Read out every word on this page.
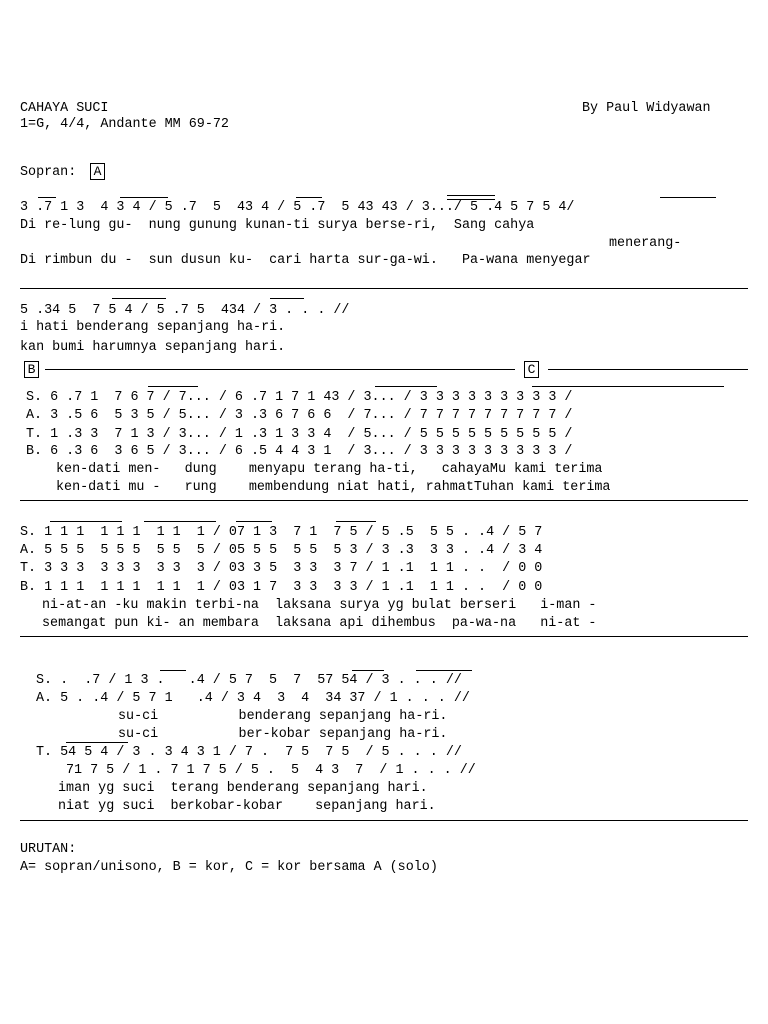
CAHAYA SUCI
1=G, 4/4, Andante MM 69-72
By Paul Widyawan
Sopran: A
3 .7 1 3  4 3 4 / 5 .7  5  43 4 / 5 .7  5 43 43 / 3.../ 5 .4 5 7 5 4/
Di re-lung gu-  nung gunung kunan-ti surya berse-ri,  Sang cahya
menerang-
Di rimbun du -  sun dusun ku-  cari harta sur-ga-wi.   Pa-wana menyegar
5 .34 5  7 5 4 / 5 .7 5  434 / 3 . . . //
i hati benderang sepanjang ha-ri.
kan bumi harumnya sepanjang hari.
B	C
S. 6 .7 1  7 6 7 / 7... / 6 .7 1 7 1 43 / 3... / 3 3 3 3 3 3 3 3 3 /
A. 3 .5 6  5 3 5 / 5... / 3 .3 6 7 6 6  / 7... / 7 7 7 7 7 7 7 7 7 /
T. 1 .3 3  7 1 3 / 3... / 1 .3 1 3 3 4  / 5... / 5 5 5 5 5 5 5 5 5 /
B. 6 .3 6  3 6 5 / 3... / 6 .5 4 4 3 1  / 3... / 3 3 3 3 3 3 3 3 3 /
ken-dati men-   dung    menyapu terang ha-ti,   cahayaMu kami terima
ken-dati mu -   rung    membendung niat hati, rahmatTuhan kami terima
S. 1 1 1  1 1 1  1 1  1 / 07 1 3  7 1  7 5 / 5 .5  5 5 . .4 / 5 7
A. 5 5 5  5 5 5  5 5  5 / 05 5 5  5 5  5 3 / 3 .3  3 3 . .4 / 3 4
T. 3 3 3  3 3 3  3 3  3 / 03 3 5  3 3  3 7 / 1 .1  1 1 . .  / 0 0
B. 1 1 1  1 1 1  1 1  1 / 03 1 7  3 3  3 3 / 1 .1  1 1 . .  / 0 0
ni-at-an -ku makin terbi-na  laksana surya yg bulat berseri   i-man -
semangat pun ki- an membara  laksana api dihembus  pa-wa-na   ni-at -
S. .  .7 / 1 3 .   .4 / 5 7  5  7  57 54 / 3 . . . //
A. 5 . .4 / 5 7 1   .4 / 3 4  3  4  34 37 / 1 . . . //
su-ci          benderang sepanjang ha-ri.
su-ci          ber-kobar sepanjang ha-ri.
T. 54 5 4 / 3 . 3 4 3 1 / 7 .  7 5  7 5  / 5 . . . //
71 7 5 / 1 . 7 1 7 5 / 5 .  5  4 3  7  / 1 . . . //
iman yg suci  terang benderang sepanjang hari.
niat yg suci  berkobar-kobar    sepanjang hari.
URUTAN:
A= sopran/unisono, B = kor, C = kor bersama A (solo)
